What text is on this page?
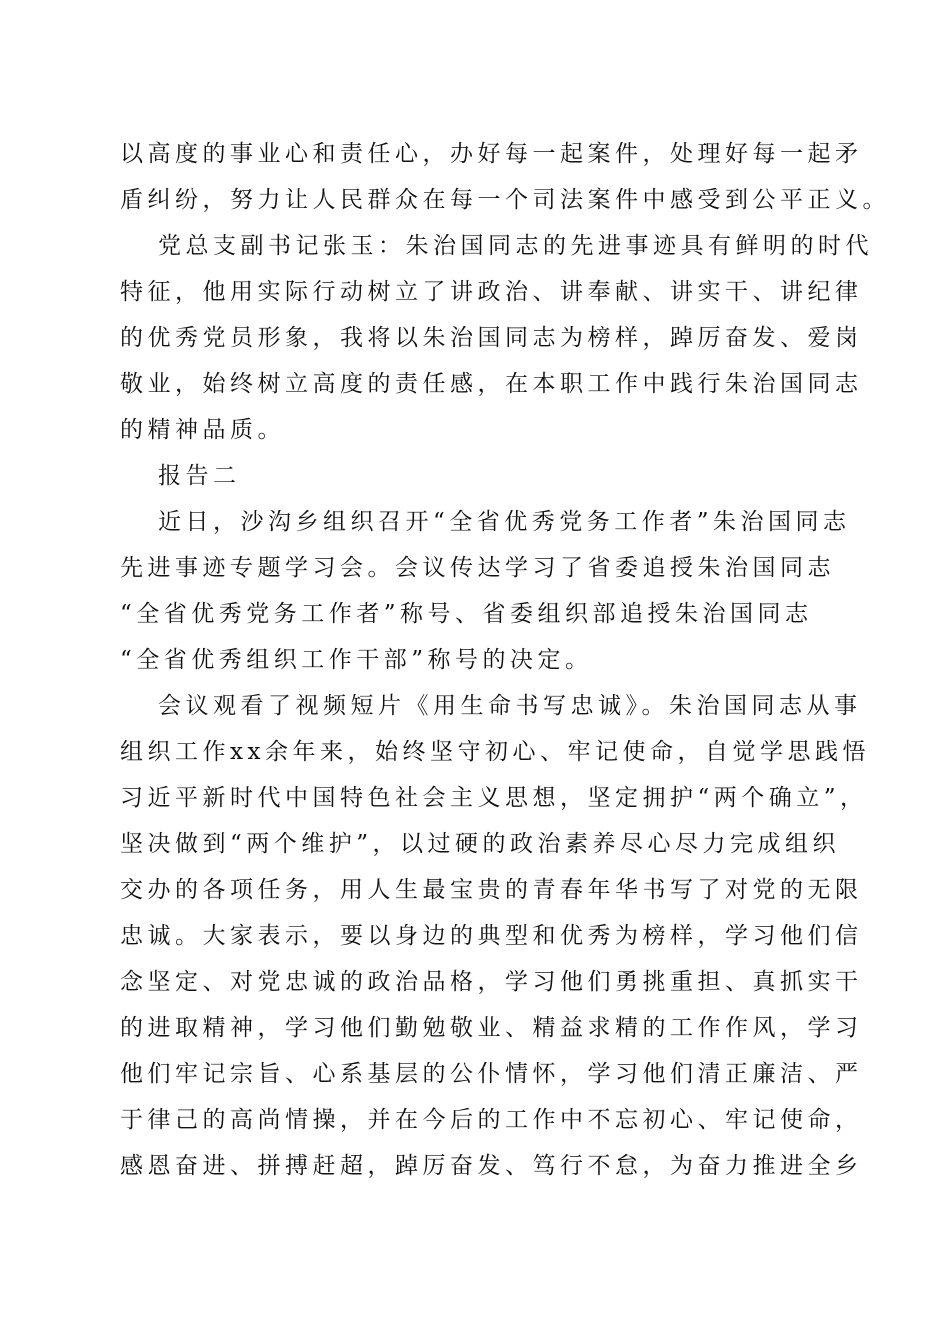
以高度的事业心和责任心，办好每一起案件，处理好每一起矛
盾纠纷，努力让人民群众在每一个司法案件中感受到公平正义。
党总支副书记张玉：朱治国同志的先进事迹具有鲜明的时代
特征，他用实际行动树立了讲政治、讲奉献、讲实干、讲纪律
的优秀党员形象，我将以朱治国同志为榜样，踔厉奋发、爱岗
敬业，始终树立高度的责任感，在本职工作中践行朱治国同志
的精神品质。
报告二
近日，沙沟乡组织召开“全省优秀党务工作者”朱治国同志
先进事迹专题学习会。会议传达学习了省委追授朱治国同志
“全省优秀党务工作者”称号、省委组织部追授朱治国同志
“全省优秀组织工作干部”称号的决定。
会议观看了视频短片《用生命书写忠诚》。朱治国同志从事
组织工作xx余年来，始终坚守初心、牢记使命，自觉学思践悟
习近平新时代中国特色社会主义思想，坚定拥护“两个确立”，
坚决做到“两个维护”，以过硬的政治素养尽心尽力完成组织
交办的各项任务，用人生最宝贵的青春年华书写了对党的无限
忠诚。大家表示，要以身边的典型和优秀为榜样，学习他们信
念坚定、对党忠诚的政治品格，学习他们勇挑重担、真抓实干
的进取精神，学习他们勤勉敬业、精益求精的工作作风，学习
他们牢记宗旨、心系基层的公仆情怀，学习他们清正廉洁、严
于律己的高尚情操，并在今后的工作中不忘初心、牢记使命，
感恩奋进、拼搏赶超，踔厉奋发、笃行不怠，为奋力推进全乡
